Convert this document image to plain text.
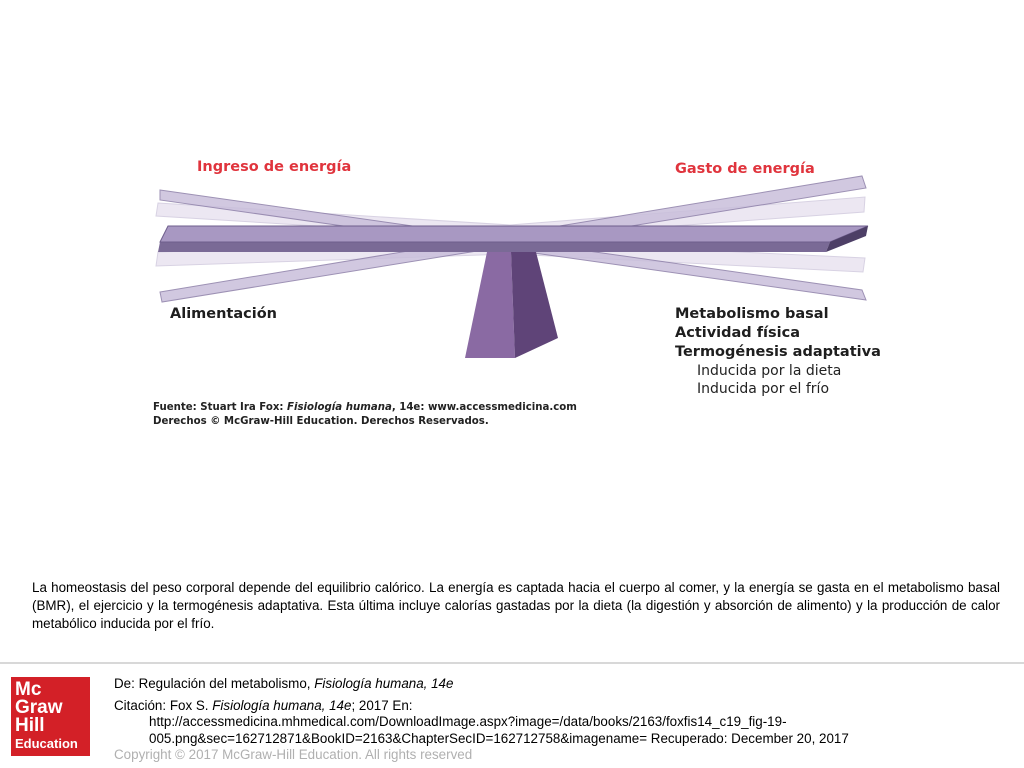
Ingreso de energía	Gasto de energía
Alimentación	Metabolismo basal
Actividad física
Termogénesis adaptativa
Inducida por la dieta
Inducida por el frío
Fuente: Stuart Ira Fox: Fisiología humana, 14e: www.accessmedicina.com
Derechos © McGraw-Hill Education. Derechos Reservados.
La homeostasis del peso corporal depende del equilibrio calórico. La energía es captada hacia el cuerpo al comer, y la energía se gasta en el metabolismo basal (BMR), el ejercicio y la termogénesis adaptativa. Esta última incluye calorías gastadas por la dieta (la digestión y absorción de alimento) y la producción de calor metabólico inducida por el frío.
Mc
Graw
Hill
Education
De: Regulación del metabolismo, Fisiología humana, 14e
Citación: Fox S. Fisiología humana, 14e; 2017 En:
http://accessmedicina.mhmedical.com/DownloadImage.aspx?image=/data/books/2163/foxfis14_c19_fig-19-
005.png&sec=162712871&BookID=2163&ChapterSecID=162712758&imagename= Recuperado: December 20, 2017
Copyright © 2017 McGraw-Hill Education. All rights reserved
